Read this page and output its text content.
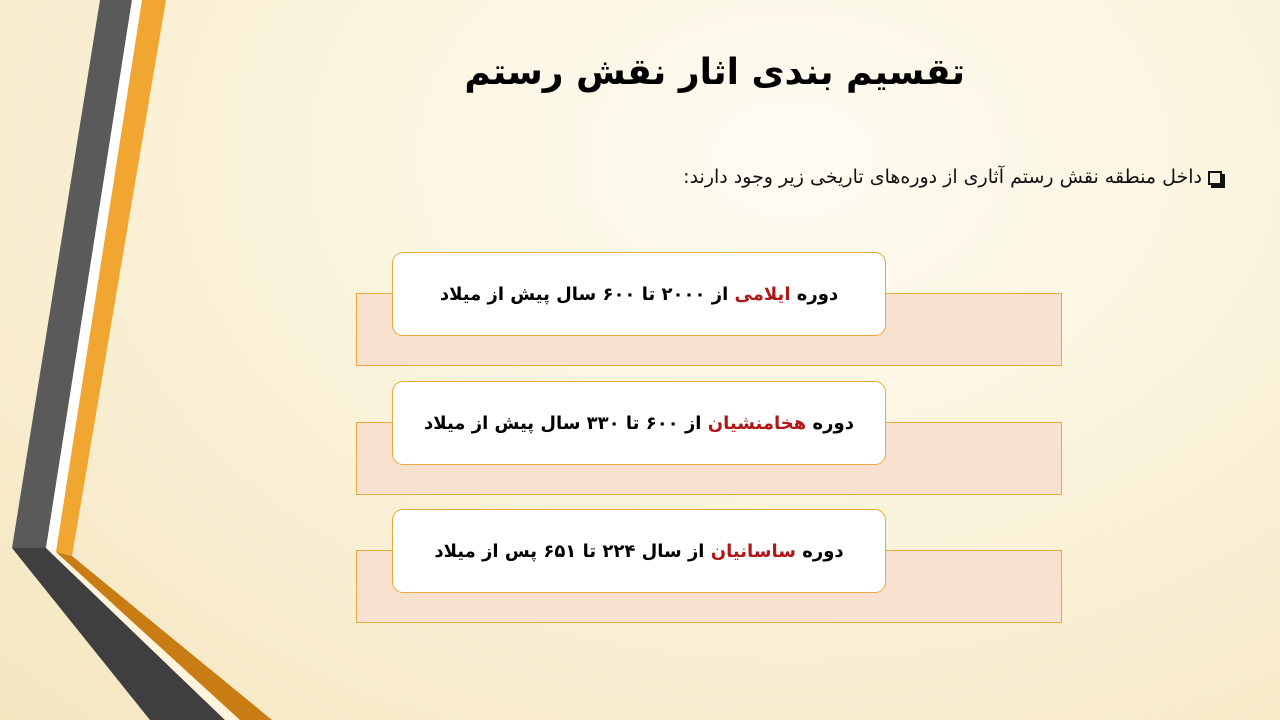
تقسیم بندی اثار نقش رستم
داخل منطقه نقش رستم آثاری از دوره‌های تاریخی زیر وجود دارند:
دوره

ایلامی

از ۲۰۰۰ تا ۶۰۰ سال پیش از میلاد
دوره

هخامنشیان

از ۶۰۰ تا ۳۳۰ سال پیش از میلاد
دوره

ساسانیان

از سال ۲۲۴ تا ۶۵۱ پس از میلاد
